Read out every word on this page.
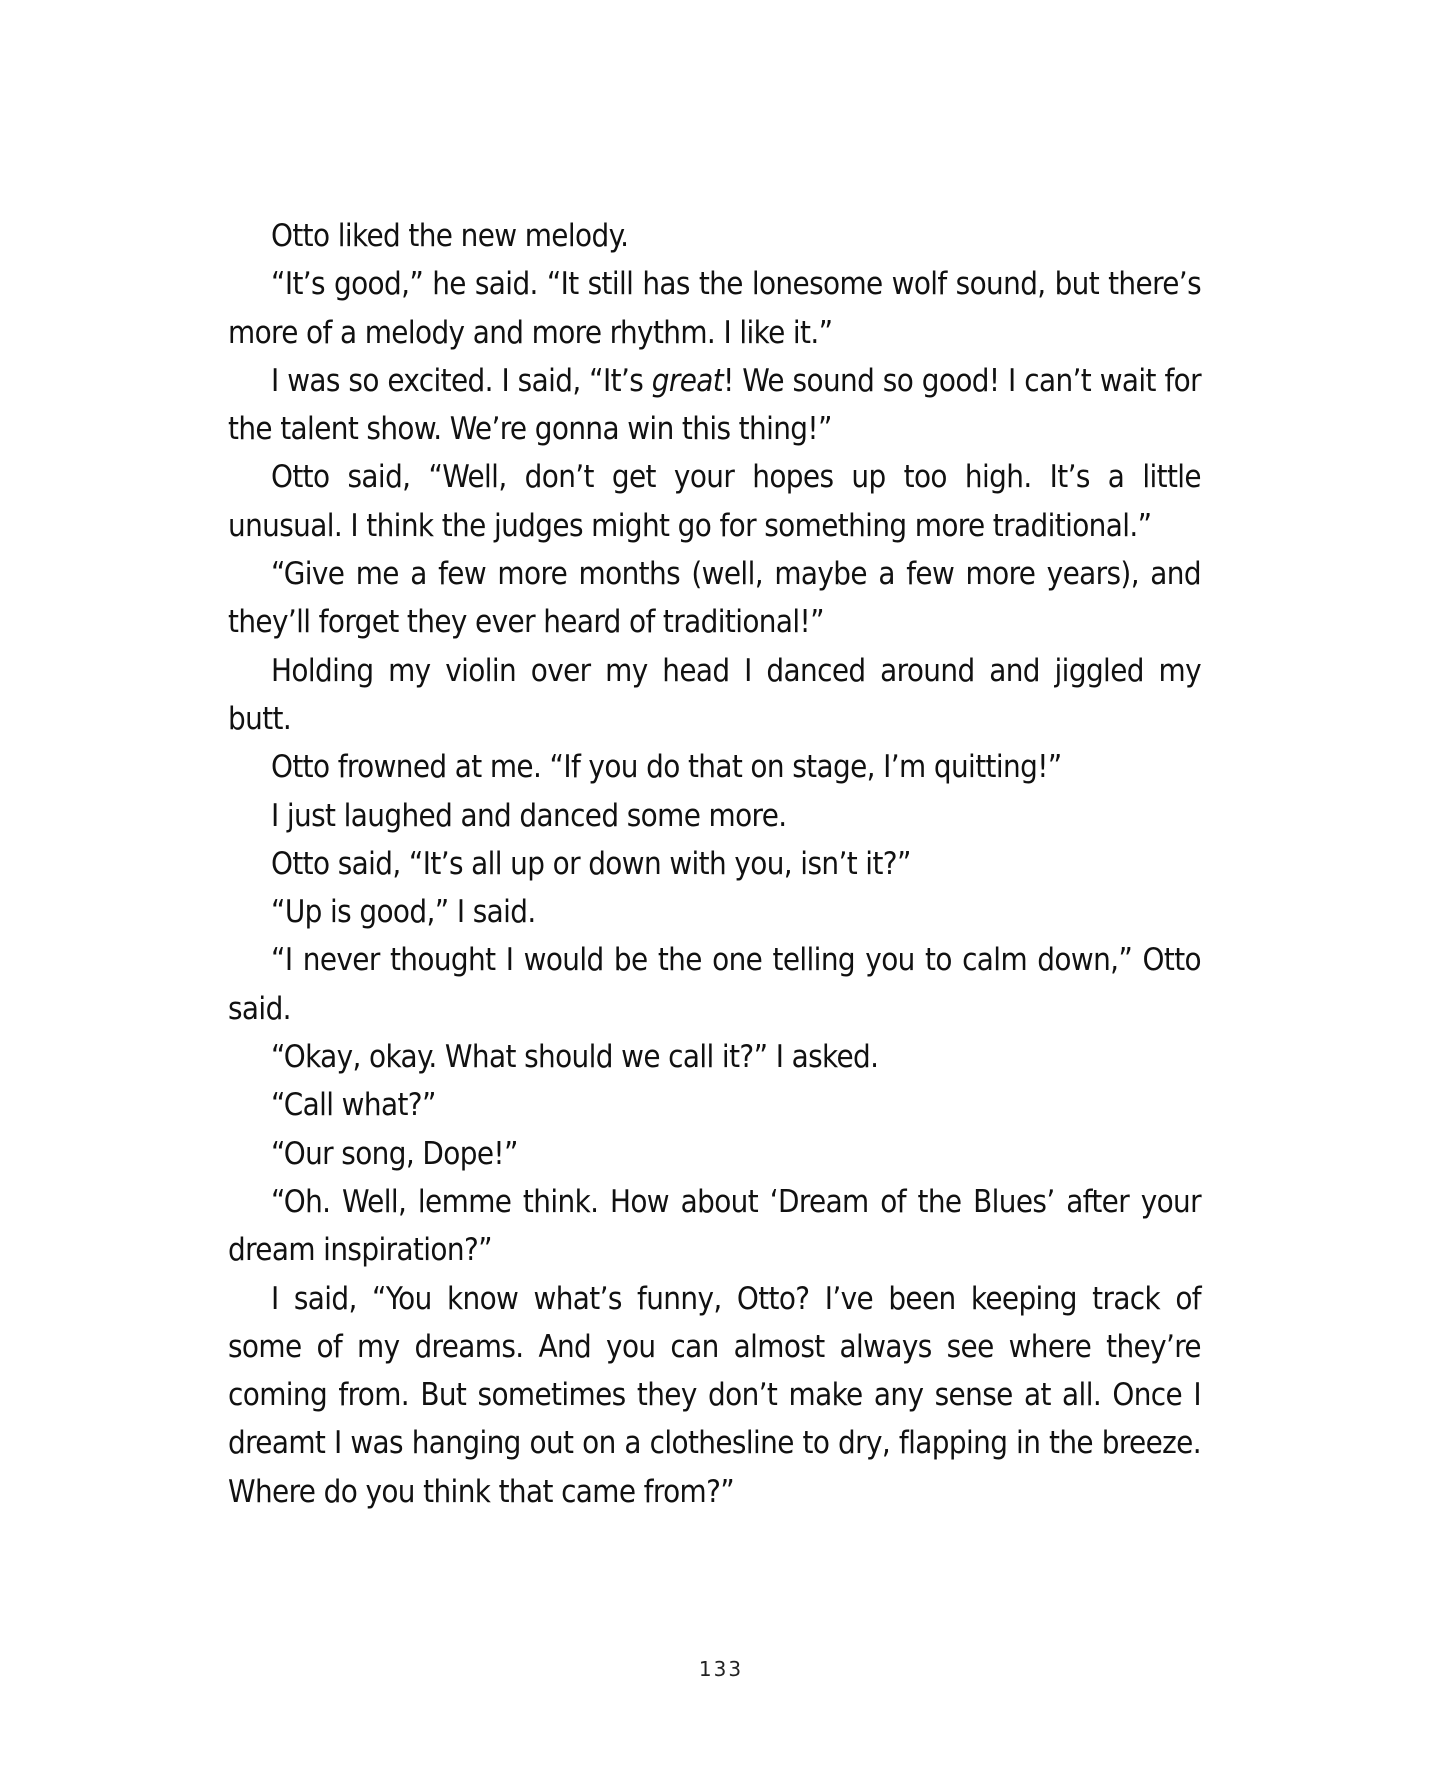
Otto liked the new melody.

“It’s good,” he said. “It still has the lonesome wolf sound, but there’s more of a melody and more rhythm. I like it.”

I was so excited. I said, “It’s great! We sound so good! I can’t wait for the talent show. We’re gonna win this thing!”

Otto said, “Well, don’t get your hopes up too high. It’s a little unusual. I think the judges might go for something more traditional.”

“Give me a few more months (well, maybe a few more years), and they’ll forget they ever heard of traditional!”

Holding my violin over my head I danced around and jiggled my butt.

Otto frowned at me. “If you do that on stage, I’m quitting!”

I just laughed and danced some more.

Otto said, “It’s all up or down with you, isn’t it?”

“Up is good,” I said.

“I never thought I would be the one telling you to calm down,” Otto said.

“Okay, okay. What should we call it?” I asked.

“Call what?”

“Our song, Dope!”

“Oh. Well, lemme think. How about ‘Dream of the Blues’ after your dream inspiration?”

I said, “You know what’s funny, Otto? I’ve been keeping track of some of my dreams. And you can almost always see where they’re coming from. But sometimes they don’t make any sense at all. Once I dreamt I was hanging out on a clothesline to dry, flapping in the breeze. Where do you think that came from?”

133
